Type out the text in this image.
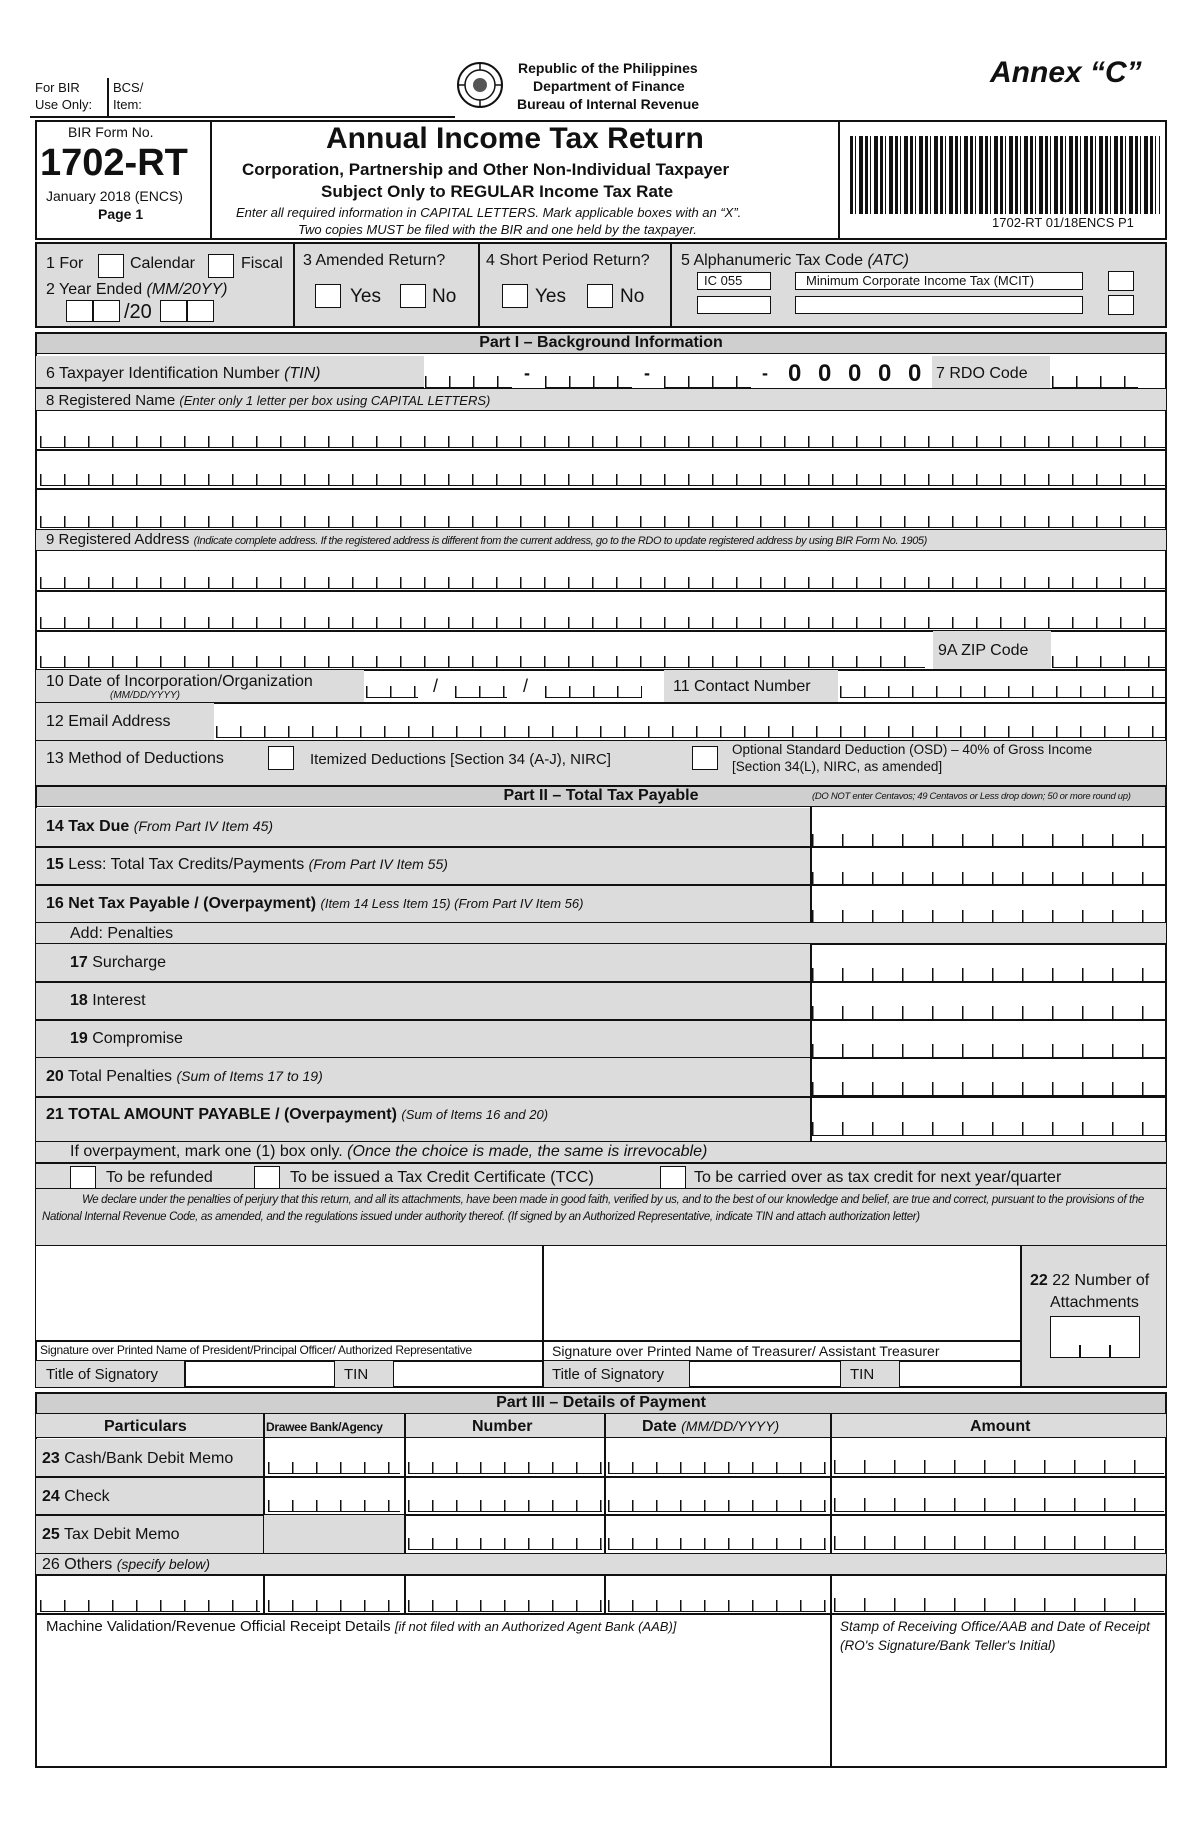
For BIR
Use Only:
BCS/
Item:
Republic of the Philippines
Department of Finance
Bureau of Internal Revenue
Annex “C”
BIR Form No.
1702-RT
January 2018 (ENCS)
Page 1
Annual Income Tax Return
Corporation, Partnership and Other Non-Individual Taxpayer
Subject Only to REGULAR Income Tax Rate
Enter all required information in CAPITAL LETTERS. Mark applicable boxes with an “X”.
Two copies MUST be filed with the BIR and one held by the taxpayer.	1702-RT 01/18ENCS P1
1 For	Calendar	Fiscal
2 Year Ended (MM/20YY)
/20
3 Amended Return?
Yes	No
4 Short Period Return?
Yes	No
5 Alphanumeric Tax Code (ATC)
IC 055	Minimum Corporate Income Tax (MCIT)
Part I – Background Information
6 Taxpayer Identification Number (TIN)	-	-	- 0 0 0 0 0 7 RDO Code
8 Registered Name (Enter only 1 letter per box using CAPITAL LETTERS)
9 Registered Address (Indicate complete address. If the registered address is different from the current address, go to the RDO to update registered address by using BIR Form No. 1905)
9A ZIP Code
10 Date of Incorporation/Organization
(MM/DD/YYYY)	/	/	11 Contact Number
12 Email Address
13 Method of Deductions	Itemized Deductions [Section 34 (A-J), NIRC]
Optional Standard Deduction (OSD) – 40% of Gross Income
[Section 34(L), NIRC, as amended]
Part II – Total Tax Payable	(DO NOT enter Centavos; 49 Centavos or Less drop down; 50 or more round up)
14 Tax Due (From Part IV Item 45)
15 Less: Total Tax Credits/Payments (From Part IV Item 55)
16 Net Tax Payable / (Overpayment) (Item 14 Less Item 15) (From Part IV Item 56)
Add: Penalties
17 Surcharge
18 Interest
19 Compromise
20 Total Penalties (Sum of Items 17 to 19)
21 TOTAL AMOUNT PAYABLE / (Overpayment) (Sum of Items 16 and 20)
If overpayment, mark one (1) box only. (Once the choice is made, the same is irrevocable)
To be refunded	To be issued a Tax Credit Certificate (TCC)	To be carried over as tax credit for next year/quarter
We declare under the penalties of perjury that this return, and all its attachments, have been made in good faith, verified by us, and to the best of our knowledge and belief, are true and correct, pursuant to the provisions of the National Internal Revenue Code, as amended, and the regulations issued under authority thereof. (If signed by an Authorized Representative, indicate TIN and attach authorization letter)
Signature over Printed Name of President/Principal Officer/ Authorized Representative	Signature over Printed Name of Treasurer/ Assistant Treasurer
Title of Signatory	TIN	Title of Signatory	TIN
22 22 Number of
Attachments
Part III – Details of Payment
Particulars	Drawee Bank/Agency	Number	Date (MM/DD/YYYY)	Amount
23 Cash/Bank Debit Memo
24 Check
25 Tax Debit Memo
26 Others (specify below)
Machine Validation/Revenue Official Receipt Details [if not filed with an Authorized Agent Bank (AAB)]	Stamp of Receiving Office/AAB and Date of Receipt (RO's Signature/Bank Teller's Initial)
